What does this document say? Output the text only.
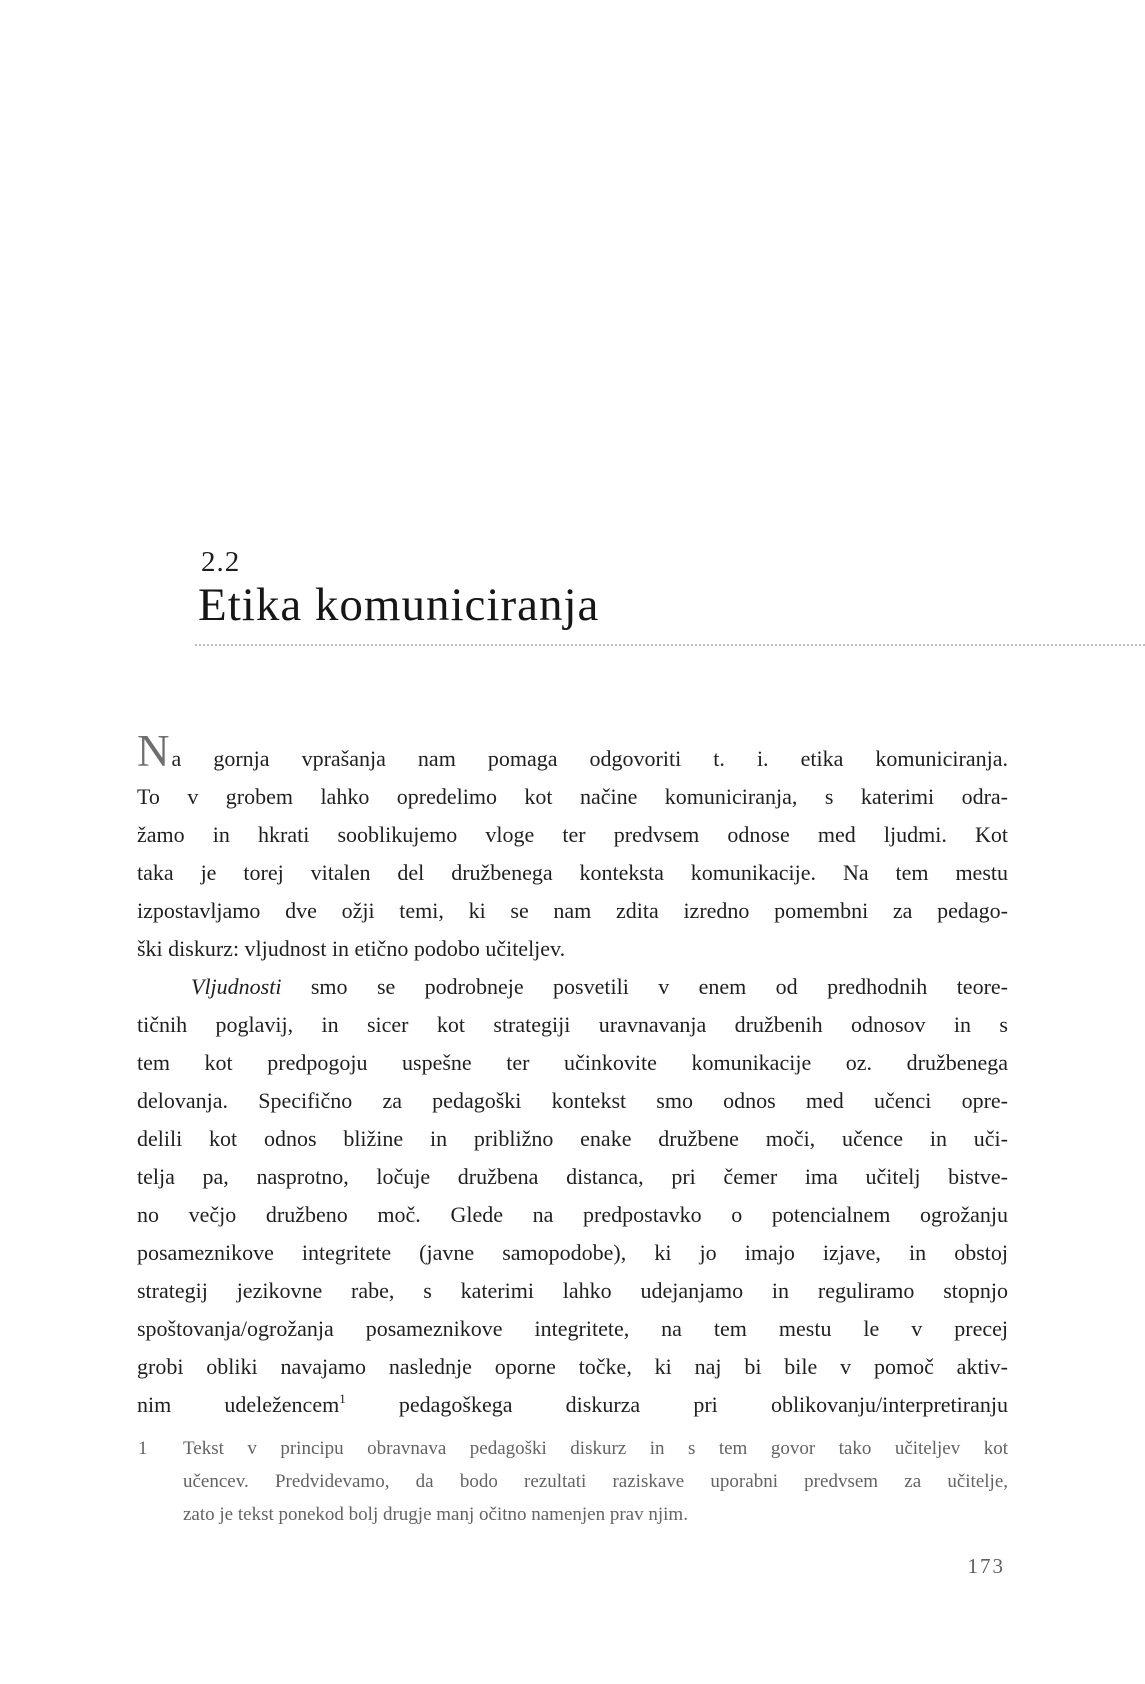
2.2
Etika komuniciranja
Na gornja vprašanja nam pomaga odgovoriti t. i. etika komuniciranja.
To v grobem lahko opredelimo kot načine komuniciranja, s katerimi odra-
žamo in hkrati sooblikujemo vloge ter predvsem odnose med ljudmi. Kot
taka je torej vitalen del družbenega konteksta komunikacije. Na tem mestu
izpostavljamo dve ožji temi, ki se nam zdita izredno pomembni za pedago-
ški diskurz: vljudnost in etično podobo učiteljev.
Vljudnosti smo se podrobneje posvetili v enem od predhodnih teore-
tičnih poglavij, in sicer kot strategiji uravnavanja družbenih odnosov in s
tem kot predpogoju uspešne ter učinkovite komunikacije oz. družbenega
delovanja. Specifično za pedagoški kontekst smo odnos med učenci opre-
delili kot odnos bližine in približno enake družbene moči, učence in uči-
telja pa, nasprotno, ločuje družbena distanca, pri čemer ima učitelj bistve-
no večjo družbeno moč. Glede na predpostavko o potencialnem ogrožanju
posameznikove integritete (javne samopodobe), ki jo imajo izjave, in obstoj
strategij jezikovne rabe, s katerimi lahko udejanjamo in reguliramo stopnjo
spoštovanja/ogrožanja posameznikove integritete, na tem mestu le v precej
grobi obliki navajamo naslednje oporne točke, ki naj bi bile v pomoč aktiv-
nim udeležencem$^1$ pedagoškega diskurza pri oblikovanju/interpretiranju
1	Tekst v principu obravnava pedagoški diskurz in s tem govor tako učiteljev kot
učencev. Predvidevamo, da bodo rezultati raziskave uporabni predvsem za učitelje,
zato je tekst ponekod bolj drugje manj očitno namenjen prav njim.
173
